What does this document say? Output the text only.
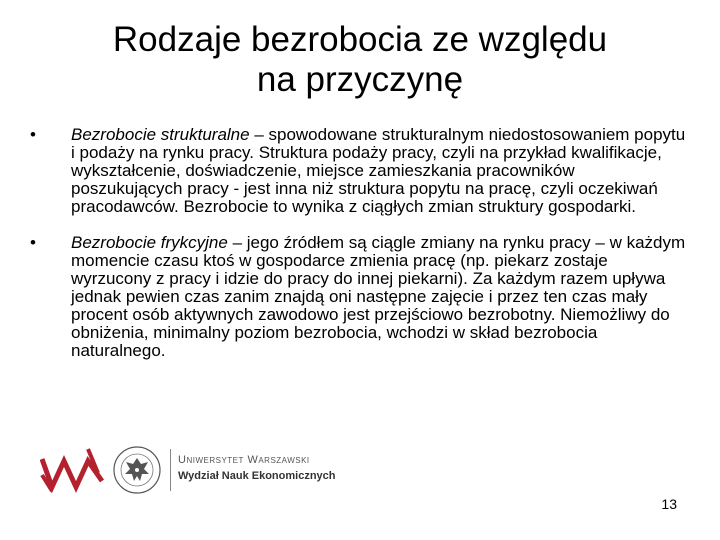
Rodzaje bezrobocia ze względu
na przyczynę
•	Bezrobocie strukturalne – spowodowane strukturalnym niedostosowaniem popytu i podaży na rynku pracy. Struktura podaży pracy, czyli na przykład kwalifikacje, wykształcenie, doświadczenie, miejsce zamieszkania pracowników poszukujących pracy - jest inna niż struktura popytu na pracę, czyli oczekiwań pracodawców. Bezrobocie to wynika z ciągłych zmian struktury gospodarki.
•	Bezrobocie frykcyjne – jego źródłem są ciągle zmiany na rynku pracy – w każdym momencie czasu ktoś w gospodarce zmienia pracę (np. piekarz zostaje wyrzucony z pracy i idzie do pracy do innej piekarni). Za każdym razem upływa jednak pewien czas zanim znajdą oni następne zajęcie i przez ten czas mały procent osób aktywnych zawodowo jest przejściowo bezrobotny. Niemożliwy do obniżenia, minimalny poziom bezrobocia, wchodzi w skład bezrobocia naturalnego.
Uniwersytet Warszawski
Wydział Nauk Ekonomicznych
13
